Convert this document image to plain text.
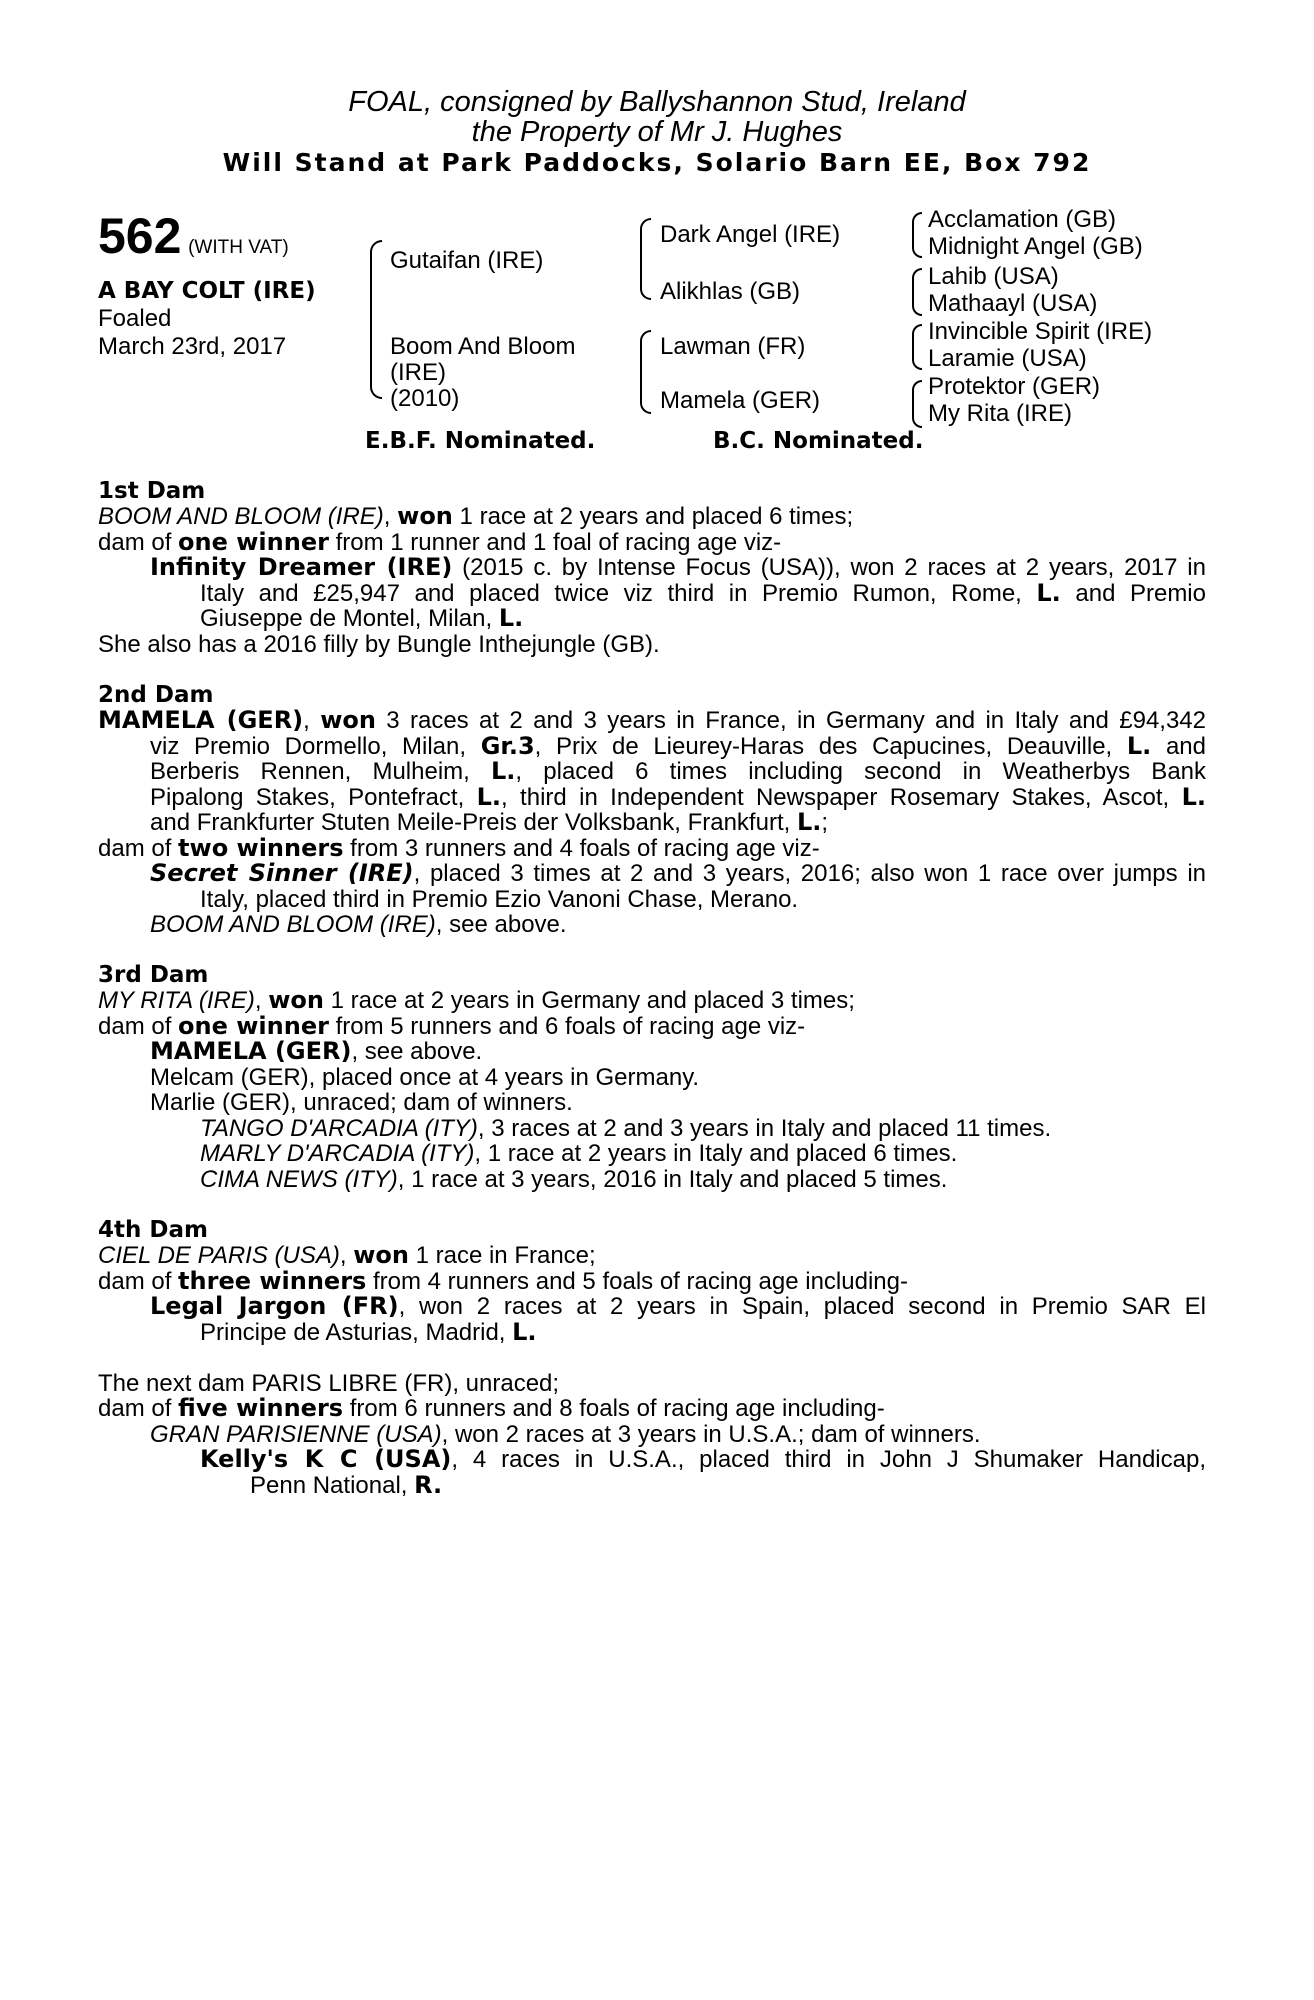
FOAL, consigned by Ballyshannon Stud, Ireland
the Property of Mr J. Hughes
Will Stand at Park Paddocks, Solario Barn EE, Box 792
562 (WITH VAT)
A BAY COLT (IRE)
Foaled
March 23rd, 2017
Gutaifan (IRE)
Boom And Bloom
(IRE)
(2010)
Dark Angel (IRE)
Alikhlas (GB)
Lawman (FR)
Mamela (GER)
Acclamation (GB)
Midnight Angel (GB)
Lahib (USA)
Mathaayl (USA)
Invincible Spirit (IRE)
Laramie (USA)
Protektor (GER)
My Rita (IRE)
E.B.F. Nominated.	B.C. Nominated.
1st Dam
BOOM AND BLOOM (IRE), won 1 race at 2 years and placed 6 times;
dam of one winner from 1 runner and 1 foal of racing age viz-
Infinity Dreamer (IRE) (2015 c. by Intense Focus (USA)), won 2 races at 2 years, 2017 in
Italy and £25,947 and placed twice viz third in Premio Rumon, Rome, L. and Premio
Giuseppe de Montel, Milan, L.
She also has a 2016 filly by Bungle Inthejungle (GB).
2nd Dam
MAMELA (GER), won 3 races at 2 and 3 years in France, in Germany and in Italy and £94,342
viz Premio Dormello, Milan, Gr.3, Prix de Lieurey-Haras des Capucines, Deauville, L. and
Berberis Rennen, Mulheim, L., placed 6 times including second in Weatherbys Bank
Pipalong Stakes, Pontefract, L., third in Independent Newspaper Rosemary Stakes, Ascot, L.
and Frankfurter Stuten Meile-Preis der Volksbank, Frankfurt, L.;
dam of two winners from 3 runners and 4 foals of racing age viz-
Secret Sinner (IRE), placed 3 times at 2 and 3 years, 2016; also won 1 race over jumps in
Italy, placed third in Premio Ezio Vanoni Chase, Merano.
BOOM AND BLOOM (IRE), see above.
3rd Dam
MY RITA (IRE), won 1 race at 2 years in Germany and placed 3 times;
dam of one winner from 5 runners and 6 foals of racing age viz-
MAMELA (GER), see above.
Melcam (GER), placed once at 4 years in Germany.
Marlie (GER), unraced; dam of winners.
TANGO D'ARCADIA (ITY), 3 races at 2 and 3 years in Italy and placed 11 times.
MARLY D'ARCADIA (ITY), 1 race at 2 years in Italy and placed 6 times.
CIMA NEWS (ITY), 1 race at 3 years, 2016 in Italy and placed 5 times.
4th Dam
CIEL DE PARIS (USA), won 1 race in France;
dam of three winners from 4 runners and 5 foals of racing age including-
Legal Jargon (FR), won 2 races at 2 years in Spain, placed second in Premio SAR El
Principe de Asturias, Madrid, L.
The next dam PARIS LIBRE (FR), unraced;
dam of five winners from 6 runners and 8 foals of racing age including-
GRAN PARISIENNE (USA), won 2 races at 3 years in U.S.A.; dam of winners.
Kelly's K C (USA), 4 races in U.S.A., placed third in John J Shumaker Handicap,
Penn National, R.
